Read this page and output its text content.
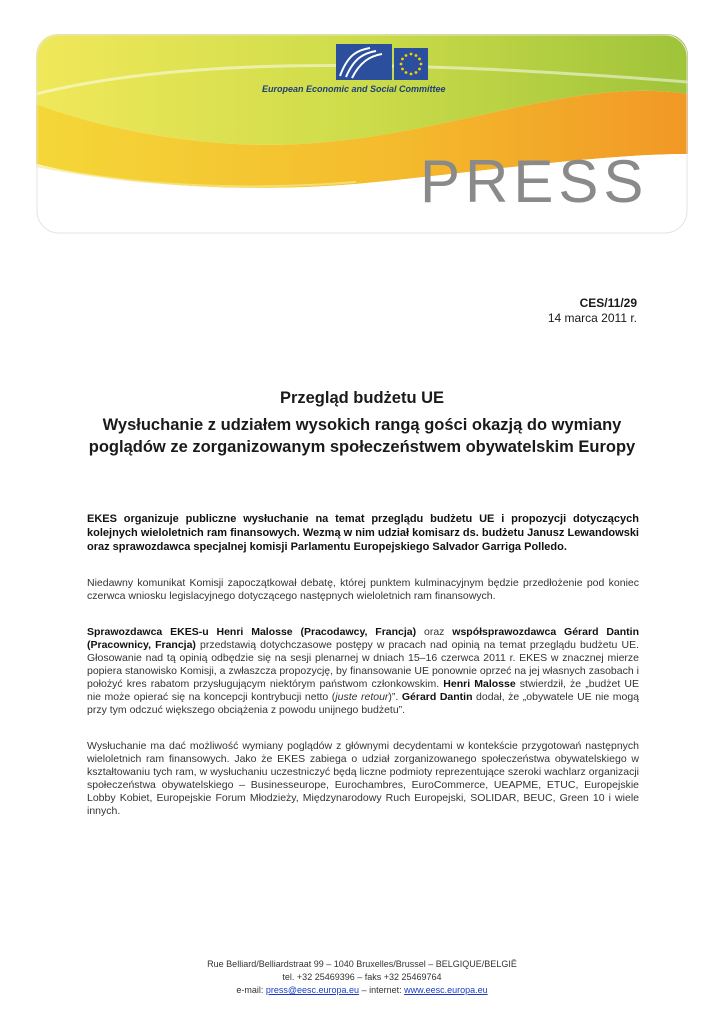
European Economic and Social Committee
PRESS
CES/11/29
14 marca 2011 r.
Przegląd budżetu UE
Wysłuchanie z udziałem wysokich rangą gości okazją do wymiany poglądów ze zorganizowanym społeczeństwem obywatelskim Europy
EKES organizuje publiczne wysłuchanie na temat przeglądu budżetu UE i propozycji dotyczących kolejnych wieloletnich ram finansowych. Wezmą w nim udział komisarz ds. budżetu Janusz Lewandowski oraz sprawozdawca specjalnej komisji Parlamentu Europejskiego Salvador Garriga Polledo.
Niedawny komunikat Komisji zapoczątkował debatę, której punktem kulminacyjnym będzie przedłożenie pod koniec czerwca wniosku legislacyjnego dotyczącego następnych wieloletnich ram finansowych.
Sprawozdawca EKES-u Henri Malosse (Pracodawcy, Francja) oraz współsprawozdawca Gérard Dantin (Pracownicy, Francja) przedstawią dotychczasowe postępy w pracach nad opinią na temat przeglądu budżetu UE. Głosowanie nad tą opinią odbędzie się na sesji plenarnej w dniach 15–16 czerwca 2011 r. EKES w znacznej mierze popiera stanowisko Komisji, a zwłaszcza propozycję, by finansowanie UE ponownie oprzeć na jej własnych zasobach i położyć kres rabatom przysługującym niektórym państwom członkowskim. Henri Malosse stwierdził, że „budżet UE nie może opierać się na koncepcji kontrybucji netto (juste retour)”. Gérard Dantin dodał, że „obywatele UE nie mogą przy tym odczuć większego obciążenia z powodu unijnego budżetu”.
Wysłuchanie ma dać możliwość wymiany poglądów z głównymi decydentami w kontekście przygotowań następnych wieloletnich ram finansowych. Jako że EKES zabiega o udział zorganizowanego społeczeństwa obywatelskiego w kształtowaniu tych ram, w wysłuchaniu uczestniczyć będą liczne podmioty reprezentujące szeroki wachlarz organizacji społeczeństwa obywatelskiego – Businesseurope, Eurochambres, EuroCommerce, UEAPME, ETUC, Europejskie Lobby Kobiet, Europejskie Forum Młodzieży, Międzynarodowy Ruch Europejski, SOLIDAR, BEUC, Green 10 i wiele innych.
Rue Belliard/Belliardstraat 99 – 1040 Bruxelles/Brussel – BELGIQUE/BELGIË
tel. +32 25469396 – faks +32 25469764
e-mail: press@eesc.europa.eu – internet: www.eesc.europa.eu
